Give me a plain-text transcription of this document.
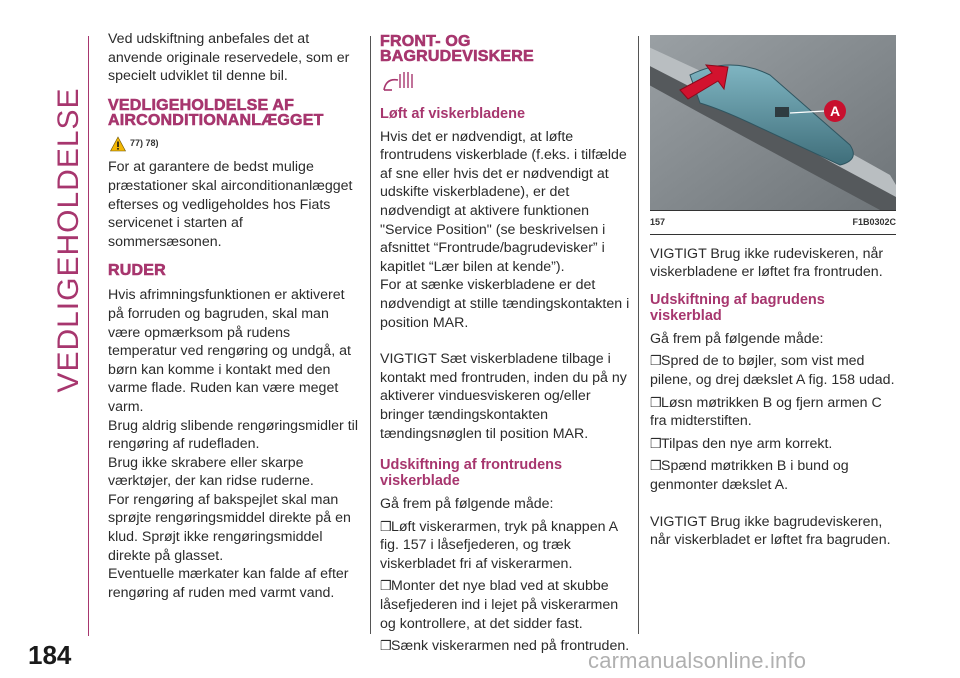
VEDLIGEHOLDELSE
184

Ved udskiftning anbefales det at anvende originale reservedele, som er specielt udviklet til denne bil.

VEDLIGEHOLDELSE AF
AIRCONDITIONANLÆGGET
77) 78)

For at garantere de bedst mulige præstationer skal airconditionanlægget efterses og vedligeholdes hos Fiats servicenet i starten af sommersæsonen.

RUDER

Hvis afrimningsfunktionen er aktiveret på forruden og bagruden, skal man være opmærksom på rudens temperatur ved rengøring og undgå, at børn kan komme i kontakt med den varme flade. Ruden kan være meget varm.

Brug aldrig slibende rengøringsmidler til rengøring af rudefladen.

Brug ikke skrabere eller skarpe værktøjer, der kan ridse ruderne.

For rengøring af bakspejlet skal man sprøjte rengøringsmiddel direkte på en klud. Sprøjt ikke rengøringsmiddel direkte på glasset.

Eventuelle mærkater kan falde af efter rengøring af ruden med varmt vand.

FRONT- OG
BAGRUDEVISKERE
Løft af viskerbladene

Hvis det er nødvendigt, at løfte frontrudens viskerblade (f.eks. i tilfælde af sne eller hvis det er nødvendigt at udskifte viskerbladene), er det nødvendigt at aktivere funktionen "Service Position" (se beskrivelsen i afsnittet “Frontrude/bagrudevisker” i kapitlet “Lær bilen at kende”).

For at sænke viskerbladene er det nødvendigt at stille tændingskontakten i position MAR.

VIGTIGT Sæt viskerbladene tilbage i kontakt med frontruden, inden du på ny aktiverer vinduesviskeren og/eller bringer tændingskontakten tændingsnøglen til position MAR.

Udskiftning af frontrudens
viskerblade

Gå frem på følgende måde:

❒Løft viskerarmen, tryk på knappen A fig. 157 i låsefjederen, og træk viskerbladet fri af viskerarmen.

❒Monter det nye blad ved at skubbe låsefjederen ind i lejet på viskerarmen og kontrollere, at det sidder fast.

❒Sænk viskerarmen ned på frontruden.

A
157	F1B0302C

VIGTIGT Brug ikke rudeviskeren, når viskerbladene er løftet fra frontruden.

Udskiftning af bagrudens
viskerblad

Gå frem på følgende måde:

❒Spred de to bøjler, som vist med pilene, og drej dækslet A fig. 158 udad.

❒Løsn møtrikken B og fjern armen C fra midterstiften.

❒Tilpas den nye arm korrekt.

❒Spænd møtrikken B i bund og genmonter dækslet A.

VIGTIGT Brug ikke bagrudeviskeren, når viskerbladet er løftet fra bagruden.

carmanualsonline.info
